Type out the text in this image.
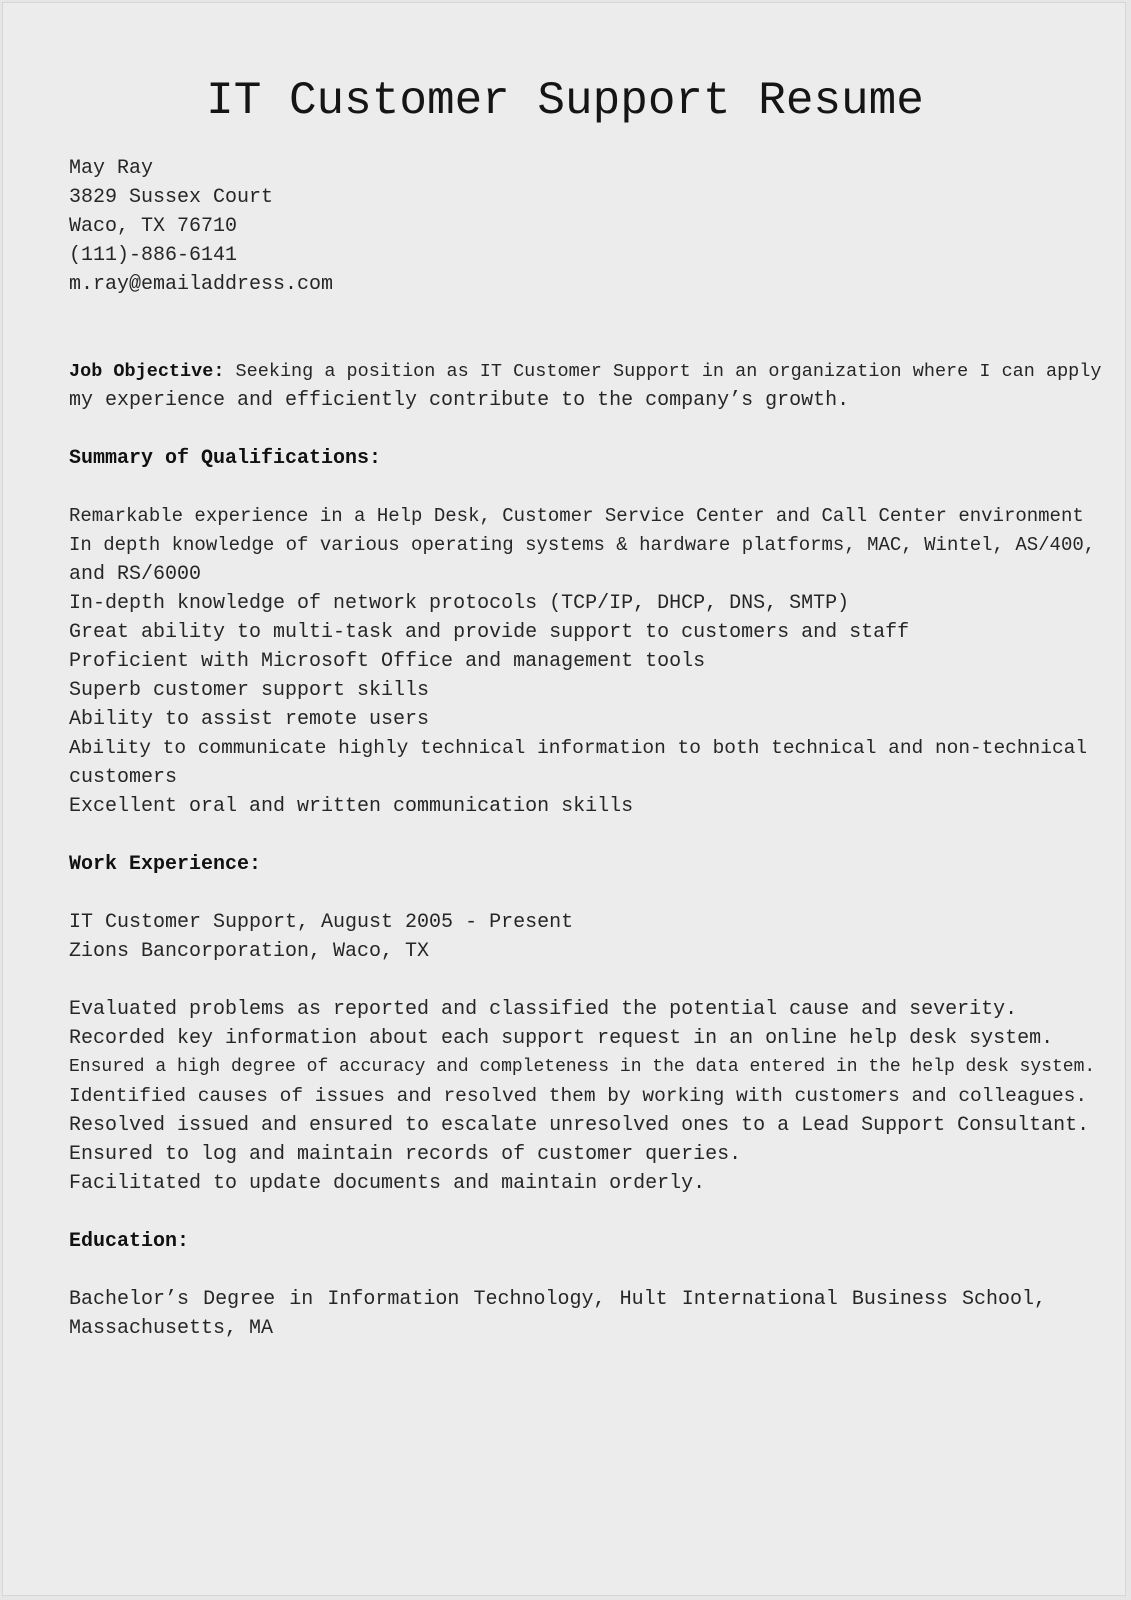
IT Customer Support Resume
May Ray
3829 Sussex Court
Waco, TX 76710
(111)-886-6141
m.ray@emailaddress.com
Job Objective: Seeking a position as IT Customer Support in an organization where I can apply
my experience and efficiently contribute to the company’s growth.
Summary of Qualifications:
Remarkable experience in a Help Desk, Customer Service Center and Call Center environment
In depth knowledge of various operating systems & hardware platforms, MAC, Wintel, AS/400,
and RS/6000
In-depth knowledge of network protocols (TCP/IP, DHCP, DNS, SMTP)
Great ability to multi-task and provide support to customers and staff
Proficient with Microsoft Office and management tools
Superb customer support skills
Ability to assist remote users
Ability to communicate highly technical information to both technical and non-technical
customers
Excellent oral and written communication skills
Work Experience:
IT Customer Support, August 2005 - Present
Zions Bancorporation, Waco, TX
Evaluated problems as reported and classified the potential cause and severity.
Recorded key information about each support request in an online help desk system.
Ensured a high degree of accuracy and completeness in the data entered in the help desk system.
Identified causes of issues and resolved them by working with customers and colleagues.
Resolved issued and ensured to escalate unresolved ones to a Lead Support Consultant.
Ensured to log and maintain records of customer queries.
Facilitated to update documents and maintain orderly.
Education:
Bachelor’s Degree in Information Technology, Hult International Business School,
Massachusetts, MA
